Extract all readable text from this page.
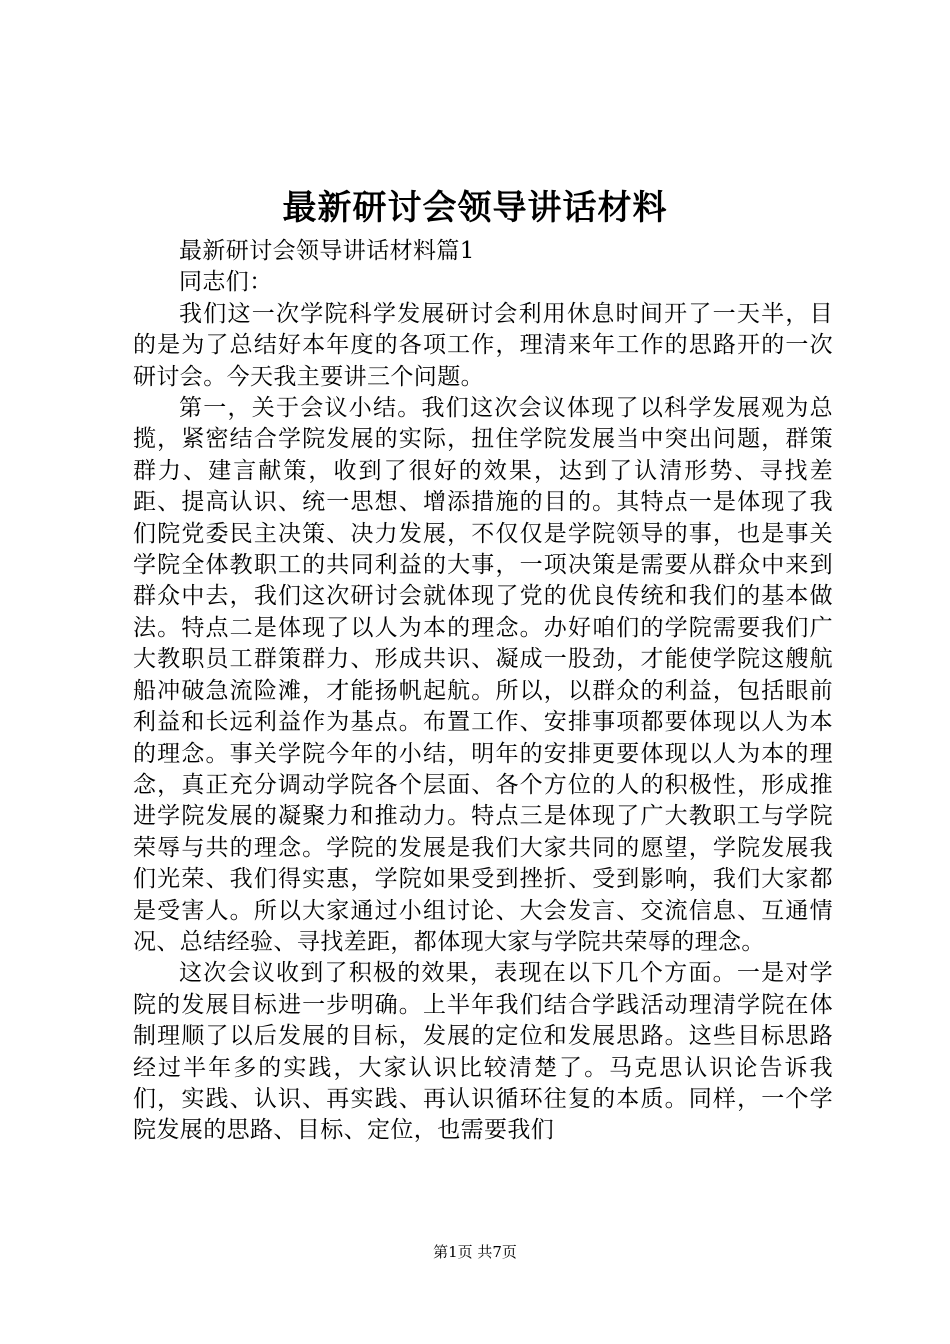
最新研讨会领导讲话材料

最新研讨会领导讲话材料篇1

同志们：

我们这一次学院科学发展研讨会利用休息时间开了一天半，目的是为了总结好本年度的各项工作，理清来年工作的思路开的一次研讨会。今天我主要讲三个问题。

第一，关于会议小结。我们这次会议体现了以科学发展观为总揽，紧密结合学院发展的实际，扭住学院发展当中突出问题，群策群力、建言献策，收到了很好的效果，达到了认清形势、寻找差距、提高认识、统一思想、增添措施的目的。其特点一是体现了我们院党委民主决策、决力发展，不仅仅是学院领导的事，也是事关学院全体教职工的共同利益的大事，一项决策是需要从群众中来到群众中去，我们这次研讨会就体现了党的优良传统和我们的基本做法。特点二是体现了以人为本的理念。办好咱们的学院需要我们广大教职员工群策群力、形成共识、凝成一股劲，才能使学院这艘航船冲破急流险滩，才能扬帆起航。所以，以群众的利益，包括眼前利益和长远利益作为基点。布置工作、安排事项都要体现以人为本的理念。事关学院今年的小结，明年的安排更要体现以人为本的理念，真正充分调动学院各个层面、各个方位的人的积极性，形成推进学院发展的凝聚力和推动力。特点三是体现了广大教职工与学院荣辱与共的理念。学院的发展是我们大家共同的愿望，学院发展我们光荣、我们得实惠，学院如果受到挫折、受到影响，我们大家都是受害人。所以大家通过小组讨论、大会发言、交流信息、互通情况、总结经验、寻找差距，都体现大家与学院共荣辱的理念。

这次会议收到了积极的效果，表现在以下几个方面。一是对学院的发展目标进一步明确。上半年我们结合学践活动理清学院在体制理顺了以后发展的目标，发展的定位和发展思路。这些目标思路经过半年多的实践，大家认识比较清楚了。马克思认识论告诉我们，实践、认识、再实践、再认识循环往复的本质。同样，一个学院发展的思路、目标、定位，也需要我们

第1页 共7页
